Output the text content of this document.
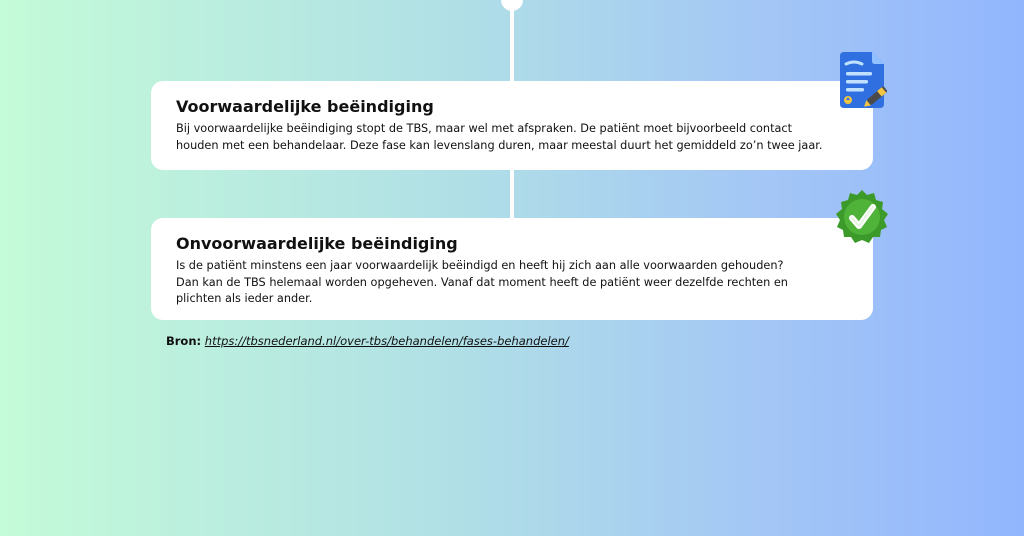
Voorwaardelijke beëindiging

Bij voorwaardelijke beëindiging stopt de TBS, maar wel met afspraken. De patiënt moet bijvoorbeeld contact
houden met een behandelaar. Deze fase kan levenslang duren, maar meestal duurt het gemiddeld zo’n twee jaar.

Onvoorwaardelijke beëindiging

Is de patiënt minstens een jaar voorwaardelijk beëindigd en heeft hij zich aan alle voorwaarden gehouden?
Dan kan de TBS helemaal worden opgeheven. Vanaf dat moment heeft de patiënt weer dezelfde rechten en
plichten als ieder ander.

Bron: https://tbsnederland.nl/over-tbs/behandelen/fases-behandelen/
